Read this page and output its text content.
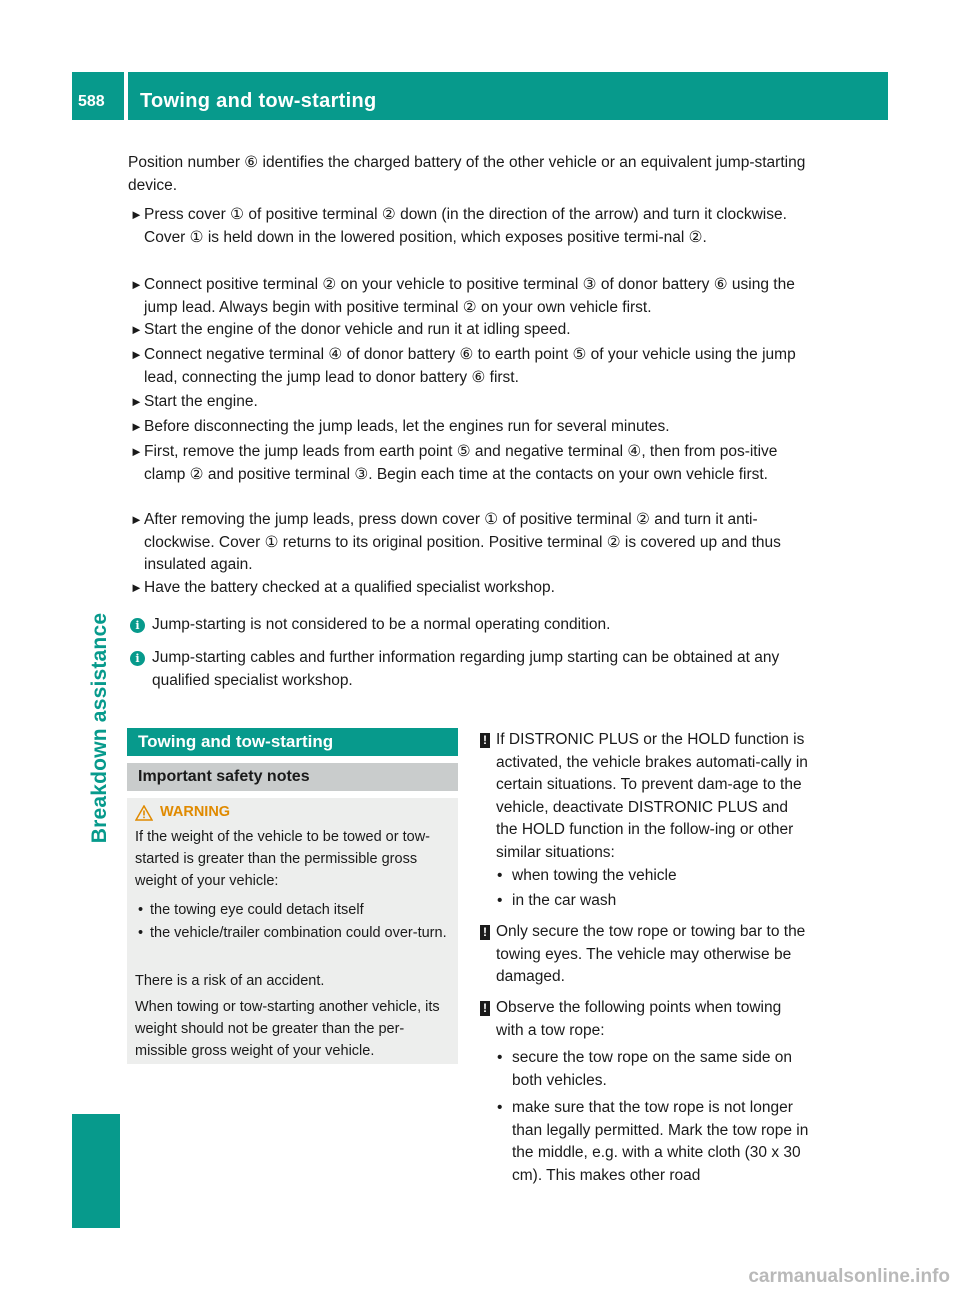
588	Towing and tow-starting
Breakdown assistance
Position number ⑥ identifies the charged battery of the other vehicle or an equivalent jump-starting device.
► Press cover ① of positive terminal ② down (in the direction of the arrow) and turn it clockwise. Cover ① is held down in the lowered position, which exposes positive termi-nal ②.
► Connect positive terminal ② on your vehicle to positive terminal ③ of donor battery ⑥ using the jump lead. Always begin with positive terminal ② on your own vehicle first.
► Start the engine of the donor vehicle and run it at idling speed.
► Connect negative terminal ④ of donor battery ⑥ to earth point ⑤ of your vehicle using the jump lead, connecting the jump lead to donor battery ⑥ first.
► Start the engine.
► Before disconnecting the jump leads, let the engines run for several minutes.
► First, remove the jump leads from earth point ⑤ and negative terminal ④, then from pos-itive clamp ② and positive terminal ③. Begin each time at the contacts on your own vehicle first.
► After removing the jump leads, press down cover ① of positive terminal ② and turn it anti-clockwise. Cover ① returns to its original position. Positive terminal ② is covered up and thus insulated again.
► Have the battery checked at a qualified specialist workshop.
i Jump-starting is not considered to be a normal operating condition.
i Jump-starting cables and further information regarding jump starting can be obtained at any qualified specialist workshop.
Towing and tow-starting
Important safety notes
WARNING
If the weight of the vehicle to be towed or tow-started is greater than the permissible gross weight of your vehicle:
• the towing eye could detach itself
• the vehicle/trailer combination could over-turn.
There is a risk of an accident.
When towing or tow-starting another vehicle, its weight should not be greater than the per-missible gross weight of your vehicle.
! If DISTRONIC PLUS or the HOLD function is activated, the vehicle brakes automati-cally in certain situations. To prevent dam-age to the vehicle, deactivate DISTRONIC PLUS and the HOLD function in the follow-ing or other similar situations:
• when towing the vehicle
• in the car wash
! Only secure the tow rope or towing bar to the towing eyes. The vehicle may otherwise be damaged.
! Observe the following points when towing with a tow rope:
• secure the tow rope on the same side on both vehicles.
• make sure that the tow rope is not longer than legally permitted. Mark the tow rope in the middle, e.g. with a white cloth (30 x 30 cm). This makes other road
carmanualsonline.info
